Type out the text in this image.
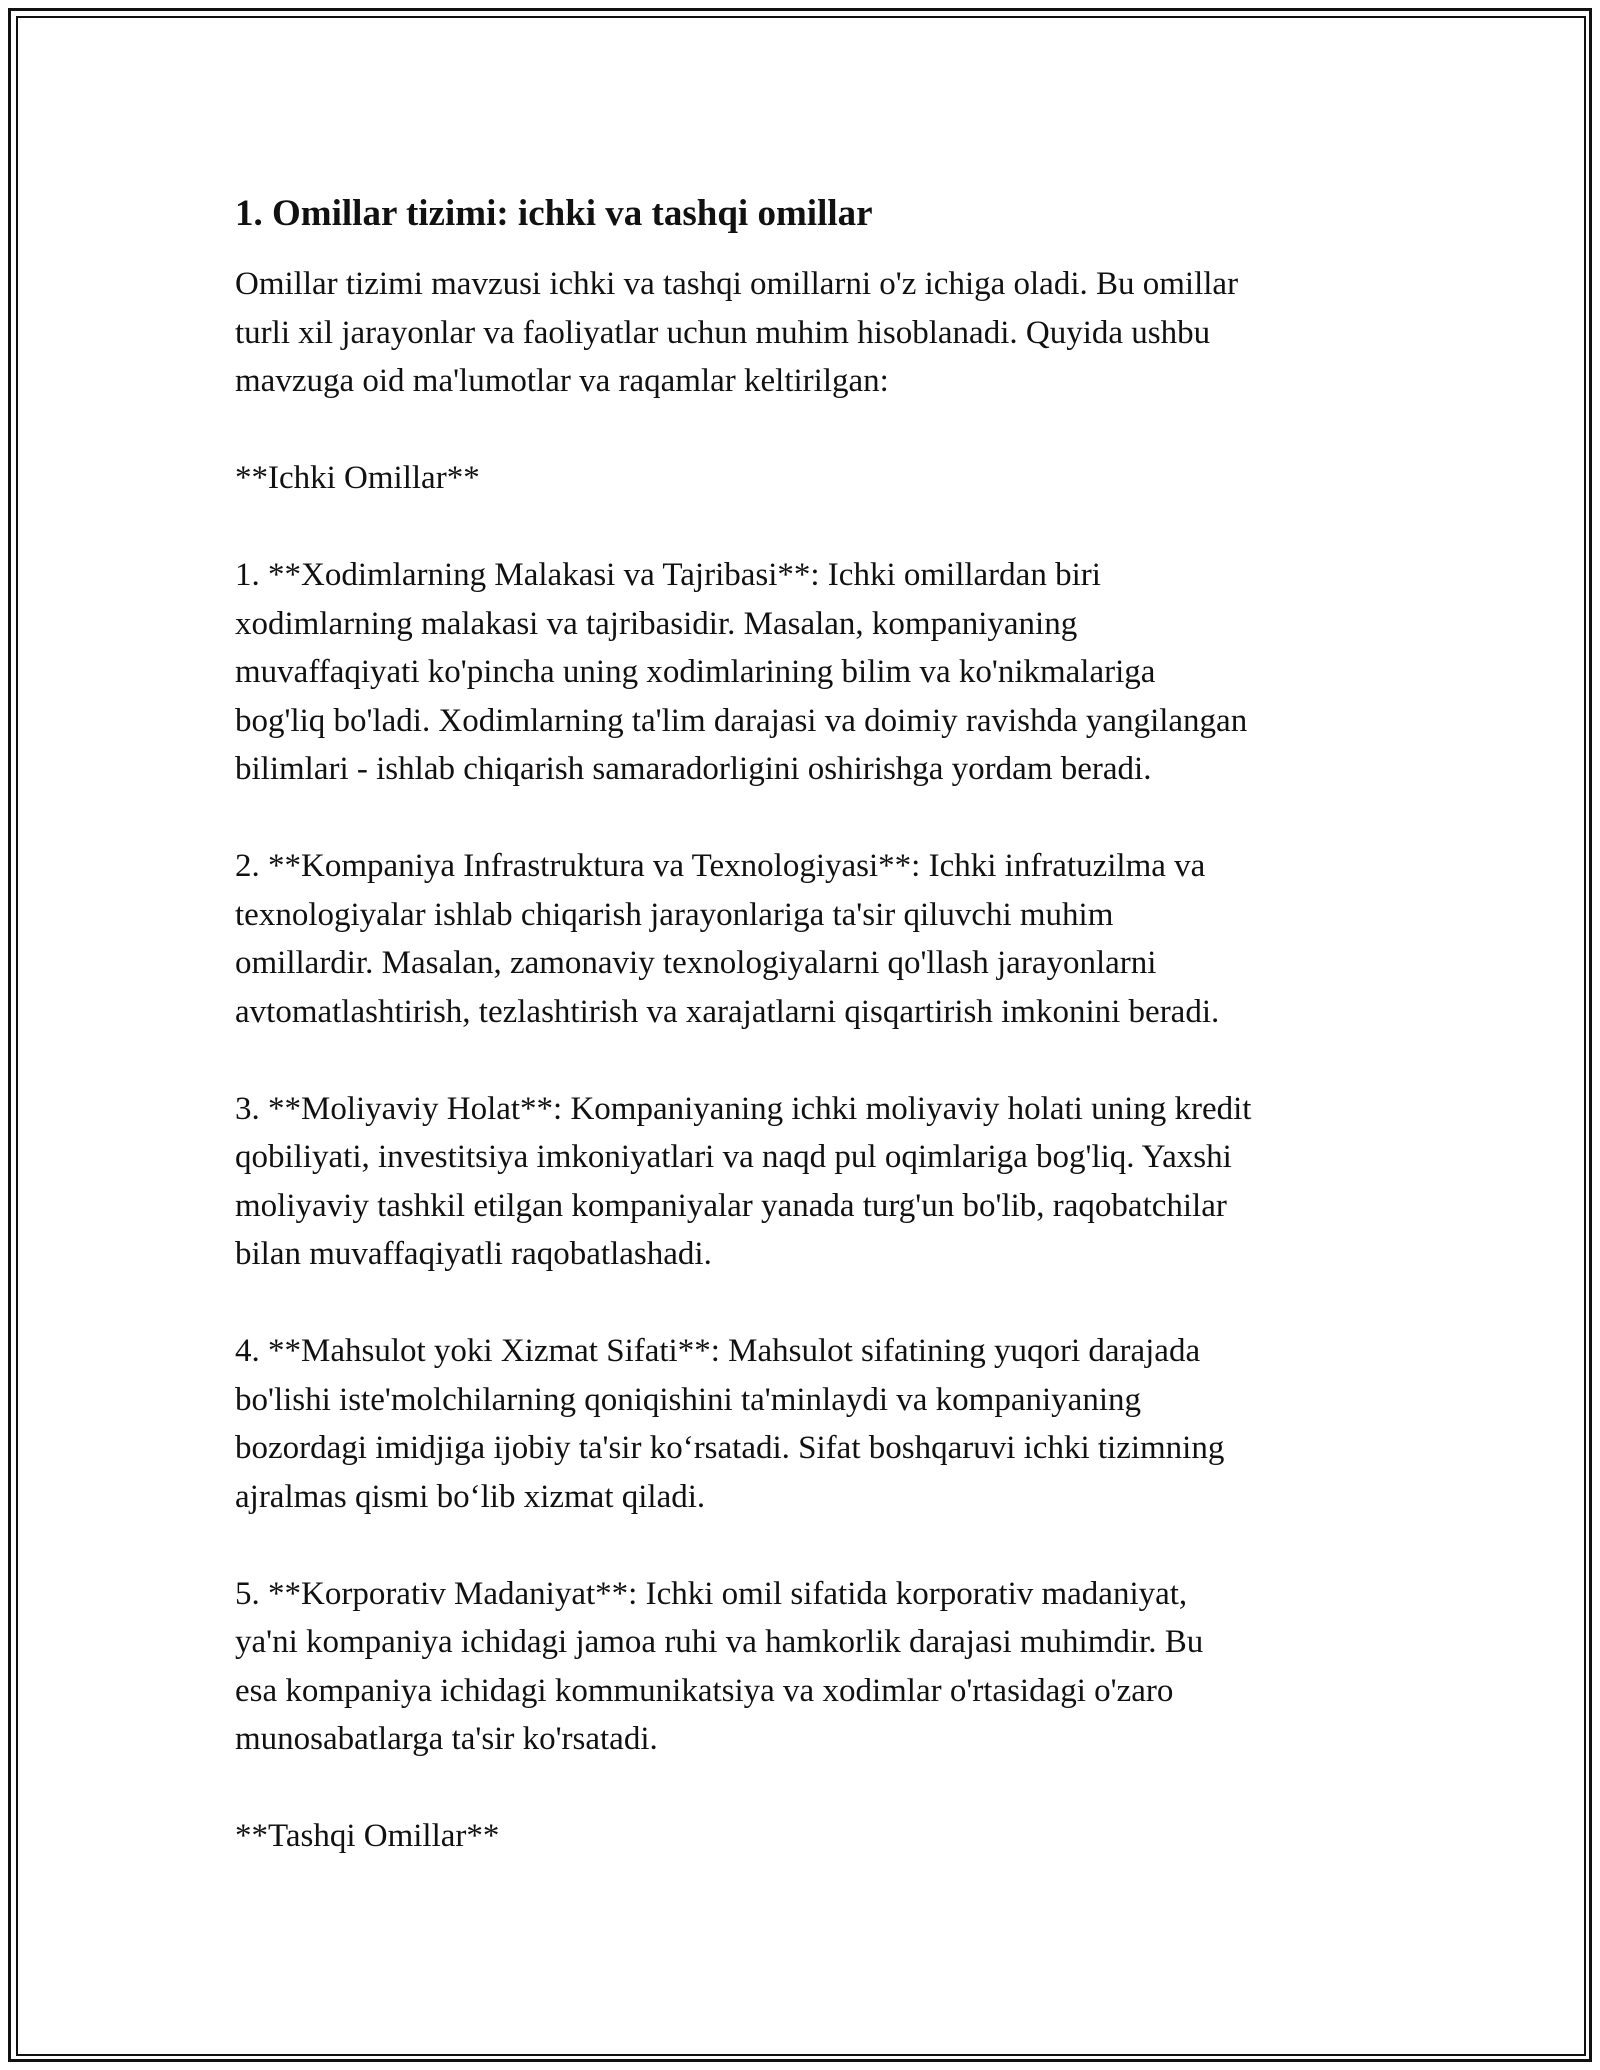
1. Omillar tizimi: ichki va tashqi omillar
Omillar tizimi mavzusi ichki va tashqi omillarni o'z ichiga oladi. Bu omillar
turli xil jarayonlar va faoliyatlar uchun muhim hisoblanadi. Quyida ushbu
mavzuga oid ma'lumotlar va raqamlar keltirilgan:
**Ichki Omillar**
1. **Xodimlarning Malakasi va Tajribasi**: Ichki omillardan biri
xodimlarning malakasi va tajribasidir. Masalan, kompaniyaning
muvaffaqiyati ko'pincha uning xodimlarining bilim va ko'nikmalariga
bog'liq bo'ladi. Xodimlarning ta'lim darajasi va doimiy ravishda yangilangan
bilimlari - ishlab chiqarish samaradorligini oshirishga yordam beradi.
2. **Kompaniya Infrastruktura va Texnologiyasi**: Ichki infratuzilma va
texnologiyalar ishlab chiqarish jarayonlariga ta'sir qiluvchi muhim
omillardir. Masalan, zamonaviy texnologiyalarni qo'llash jarayonlarni
avtomatlashtirish, tezlashtirish va xarajatlarni qisqartirish imkonini beradi.
3. **Moliyaviy Holat**: Kompaniyaning ichki moliyaviy holati uning kredit
qobiliyati, investitsiya imkoniyatlari va naqd pul oqimlariga bog'liq. Yaxshi
moliyaviy tashkil etilgan kompaniyalar yanada turg'un bo'lib, raqobatchilar
bilan muvaffaqiyatli raqobatlashadi.
4. **Mahsulot yoki Xizmat Sifati**: Mahsulot sifatining yuqori darajada
bo'lishi iste'molchilarning qoniqishini ta'minlaydi va kompaniyaning
bozordagi imidjiga ijobiy ta'sir ko‘rsatadi. Sifat boshqaruvi ichki tizimning
ajralmas qismi bo‘lib xizmat qiladi.
5. **Korporativ Madaniyat**: Ichki omil sifatida korporativ madaniyat,
ya'ni kompaniya ichidagi jamoa ruhi va hamkorlik darajasi muhimdir. Bu
esa kompaniya ichidagi kommunikatsiya va xodimlar o'rtasidagi o'zaro
munosabatlarga ta'sir ko'rsatadi.
**Tashqi Omillar**
